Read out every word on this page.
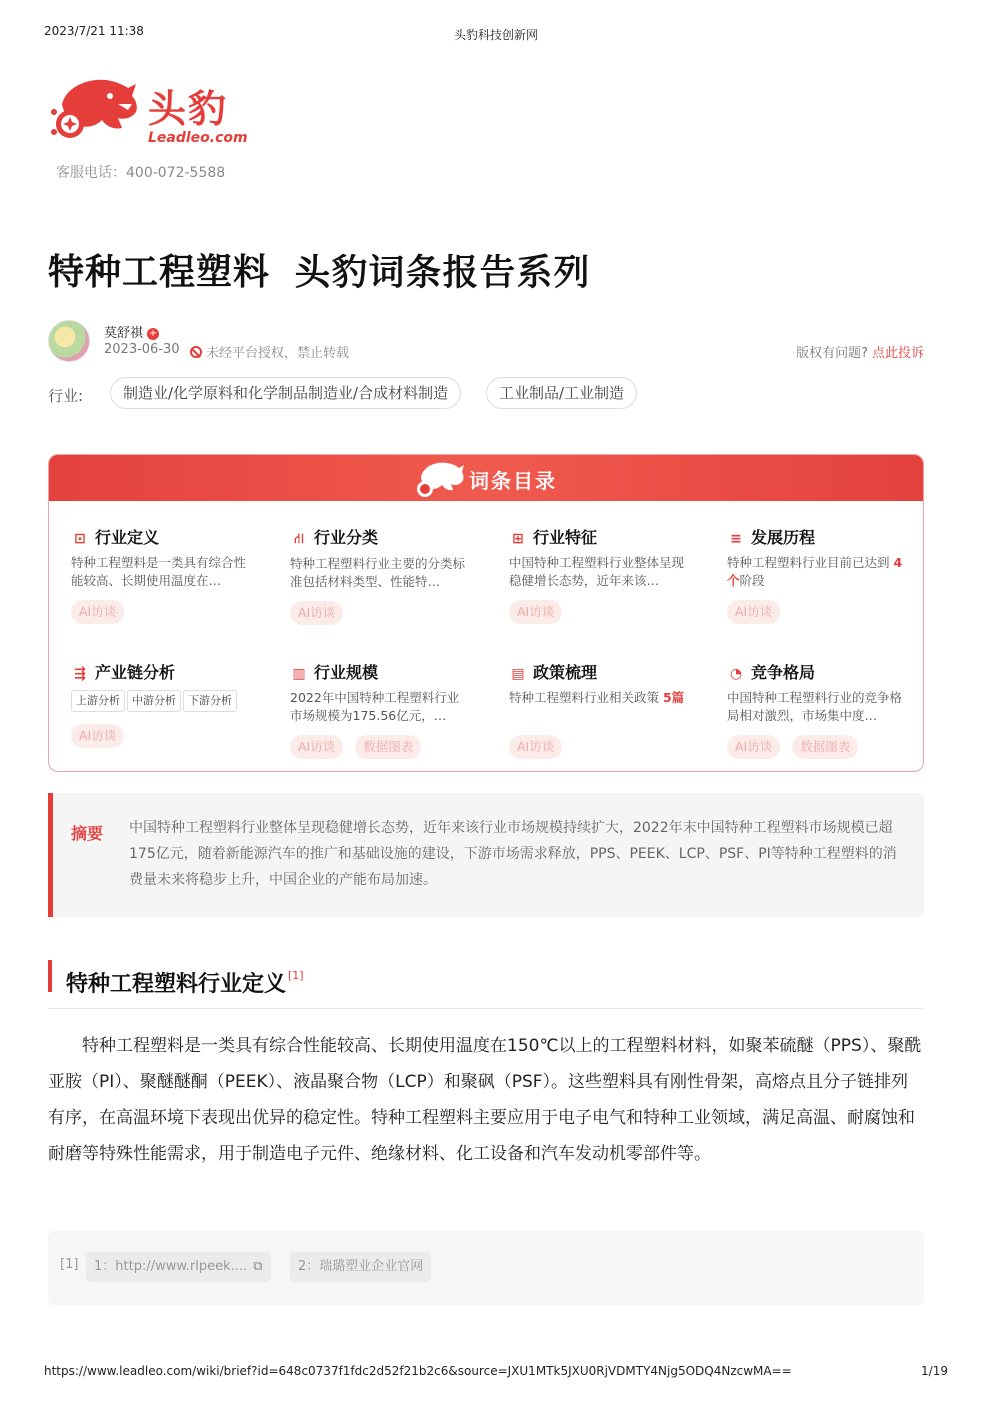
2023/7/21 11:38	头豹科技创新网
头豹
Leadleo.com
客服电话：400-072-5588
特种工程塑料 头豹词条报告系列
莫舒祺 +
2023-06-30	未经平台授权，禁止转载	版权有问题? 点此投诉
行业:	制造业/化学原料和化学制品制造业/合成材料制造	工业制品/工业制造
词条目录
⊡ 行业定义
特种工程塑料是一类具有综合性能较高、长期使用温度在…
AI访谈
⛙ 行业分类
特种工程塑料行业主要的分类标准包括材料类型、性能特…
AI访谈
⊞ 行业特征
中国特种工程塑料行业整体呈现稳健增长态势，近年来该…
AI访谈
≡ 发展历程
特种工程塑料行业目前已达到 4个阶段
AI访谈
⇶ 产业链分析
上游分析 中游分析 下游分析
AI访谈
▥ 行业规模
2022年中国特种工程塑料行业市场规模为175.56亿元，…
AI访谈 数据图表
▤ 政策梳理
特种工程塑料行业相关政策 5篇
AI访谈
◔ 竞争格局
中国特种工程塑料行业的竞争格局相对激烈，市场集中度…
AI访谈 数据图表
摘要 中国特种工程塑料行业整体呈现稳健增长态势，近年来该行业市场规模持续扩大，2022年末中国特种工程塑料市场规模已超175亿元，随着新能源汽车的推广和基础设施的建设，下游市场需求释放，PPS、PEEK、LCP、PSF、PI等特种工程塑料的消费量未来将稳步上升，中国企业的产能布局加速。

特种工程塑料行业定义 [1]

特种工程塑料是一类具有综合性能较高、长期使用温度在150℃以上的工程塑料材料，如聚苯硫醚（PPS）、聚酰亚胺（PI）、聚醚醚酮（PEEK）、液晶聚合物（LCP）和聚砜（PSF）。这些塑料具有刚性骨架，高熔点且分子链排列有序，在高温环境下表现出优异的稳定性。特种工程塑料主要应用于电子电气和特种工业领域，满足高温、耐腐蚀和耐磨等特殊性能需求，用于制造电子元件、绝缘材料、化工设备和汽车发动机零部件等。

[1]	1：http://www.rlpeek.... ⧉	2：瑞璐塑业企业官网
https://www.leadleo.com/wiki/brief?id=648c0737f1fdc2d52f21b2c6&source=JXU1MTk5JXU0RjVDMTY4Njg5ODQ4NzcwMA==	1/19
